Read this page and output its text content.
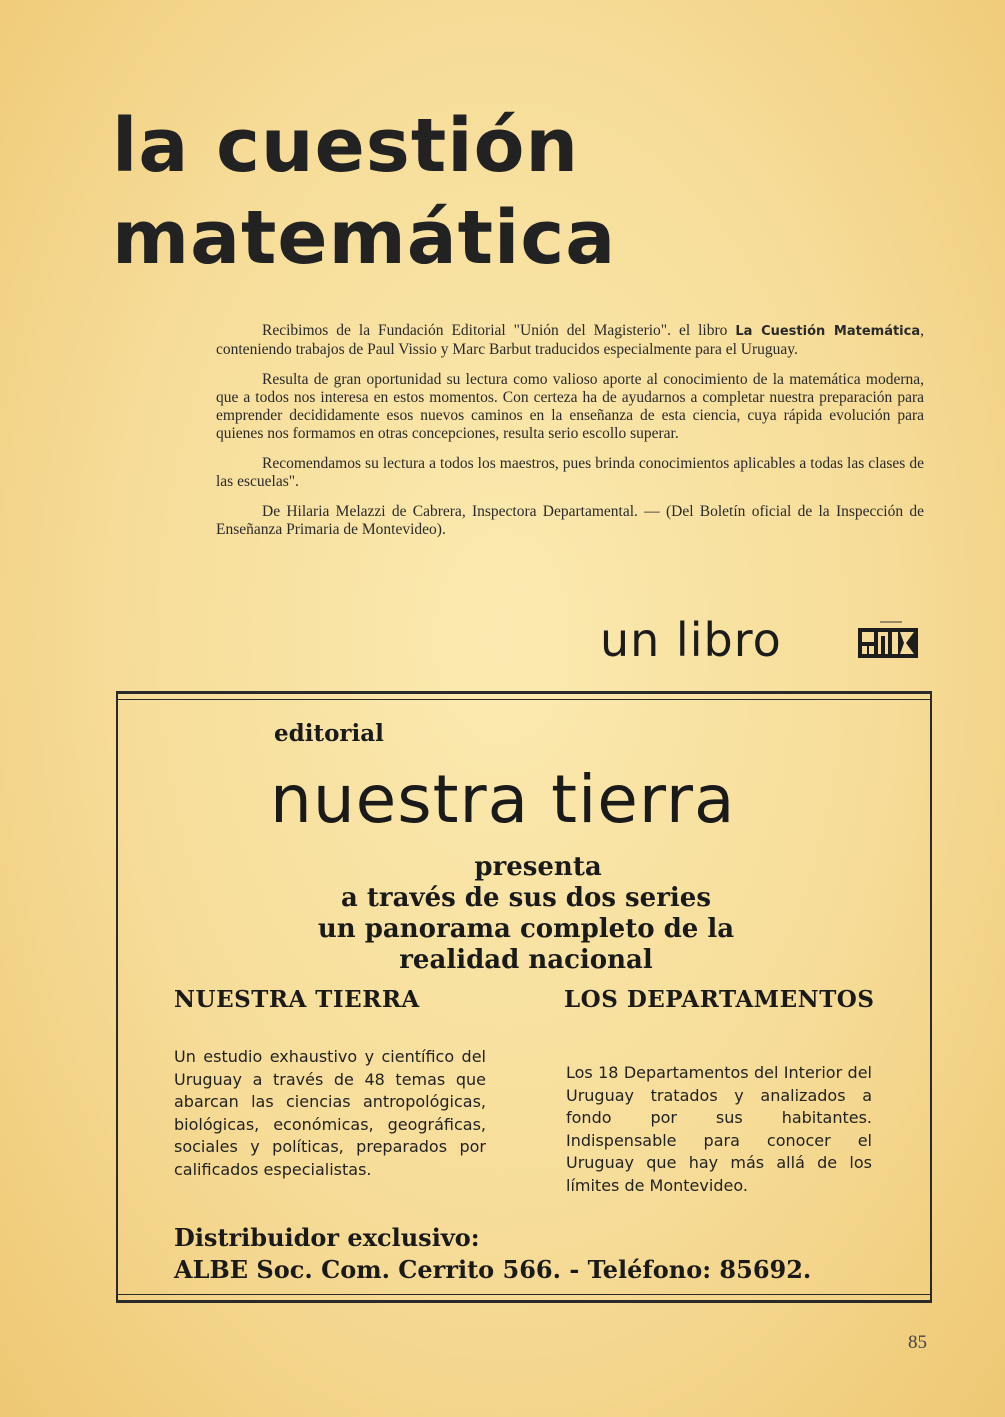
la cuestión
matemática

Recibimos de la Fundación Editorial "Unión del Magisterio". el libro La Cuestión Matemática, conteniendo trabajos de Paul Vissio y Marc Barbut traducidos especialmente para el Uruguay.

Resulta de gran oportunidad su lectura como valioso aporte al conocimiento de la matemática moderna, que a todos nos interesa en estos momentos. Con certeza ha de ayudarnos a completar nuestra preparación para emprender decididamente esos nuevos caminos en la enseñanza de esta ciencia, cuya rápida evolución para quienes nos formamos en otras concepciones, resulta serio escollo superar.

Recomendamos su lectura a todos los maestros, pues brinda conocimientos aplicables a todas las clases de las escuelas".

De Hilaria Melazzi de Cabrera, Inspectora Departamental. — (Del Boletín oficial de la Inspección de Enseñanza Primaria de Montevideo).

un libro
editorial
nuestra tierra
presenta
a través de sus dos series
un panorama completo de la
realidad nacional
NUESTRA TIERRA	LOS DEPARTAMENTOS
Un estudio exhaustivo y científico del Uruguay a través de 48 temas que abarcan las ciencias antropológicas, biológicas, económicas, geográficas, sociales y políticas, preparados por calificados especialistas.
Los 18 Departamentos del Interior del Uruguay tratados y analizados a fondo por sus habitantes. Indispensable para conocer el Uruguay que hay más allá de los límites de Montevideo.
Distribuidor exclusivo:
ALBE Soc. Com. Cerrito 566. - Teléfono: 85692.
85
